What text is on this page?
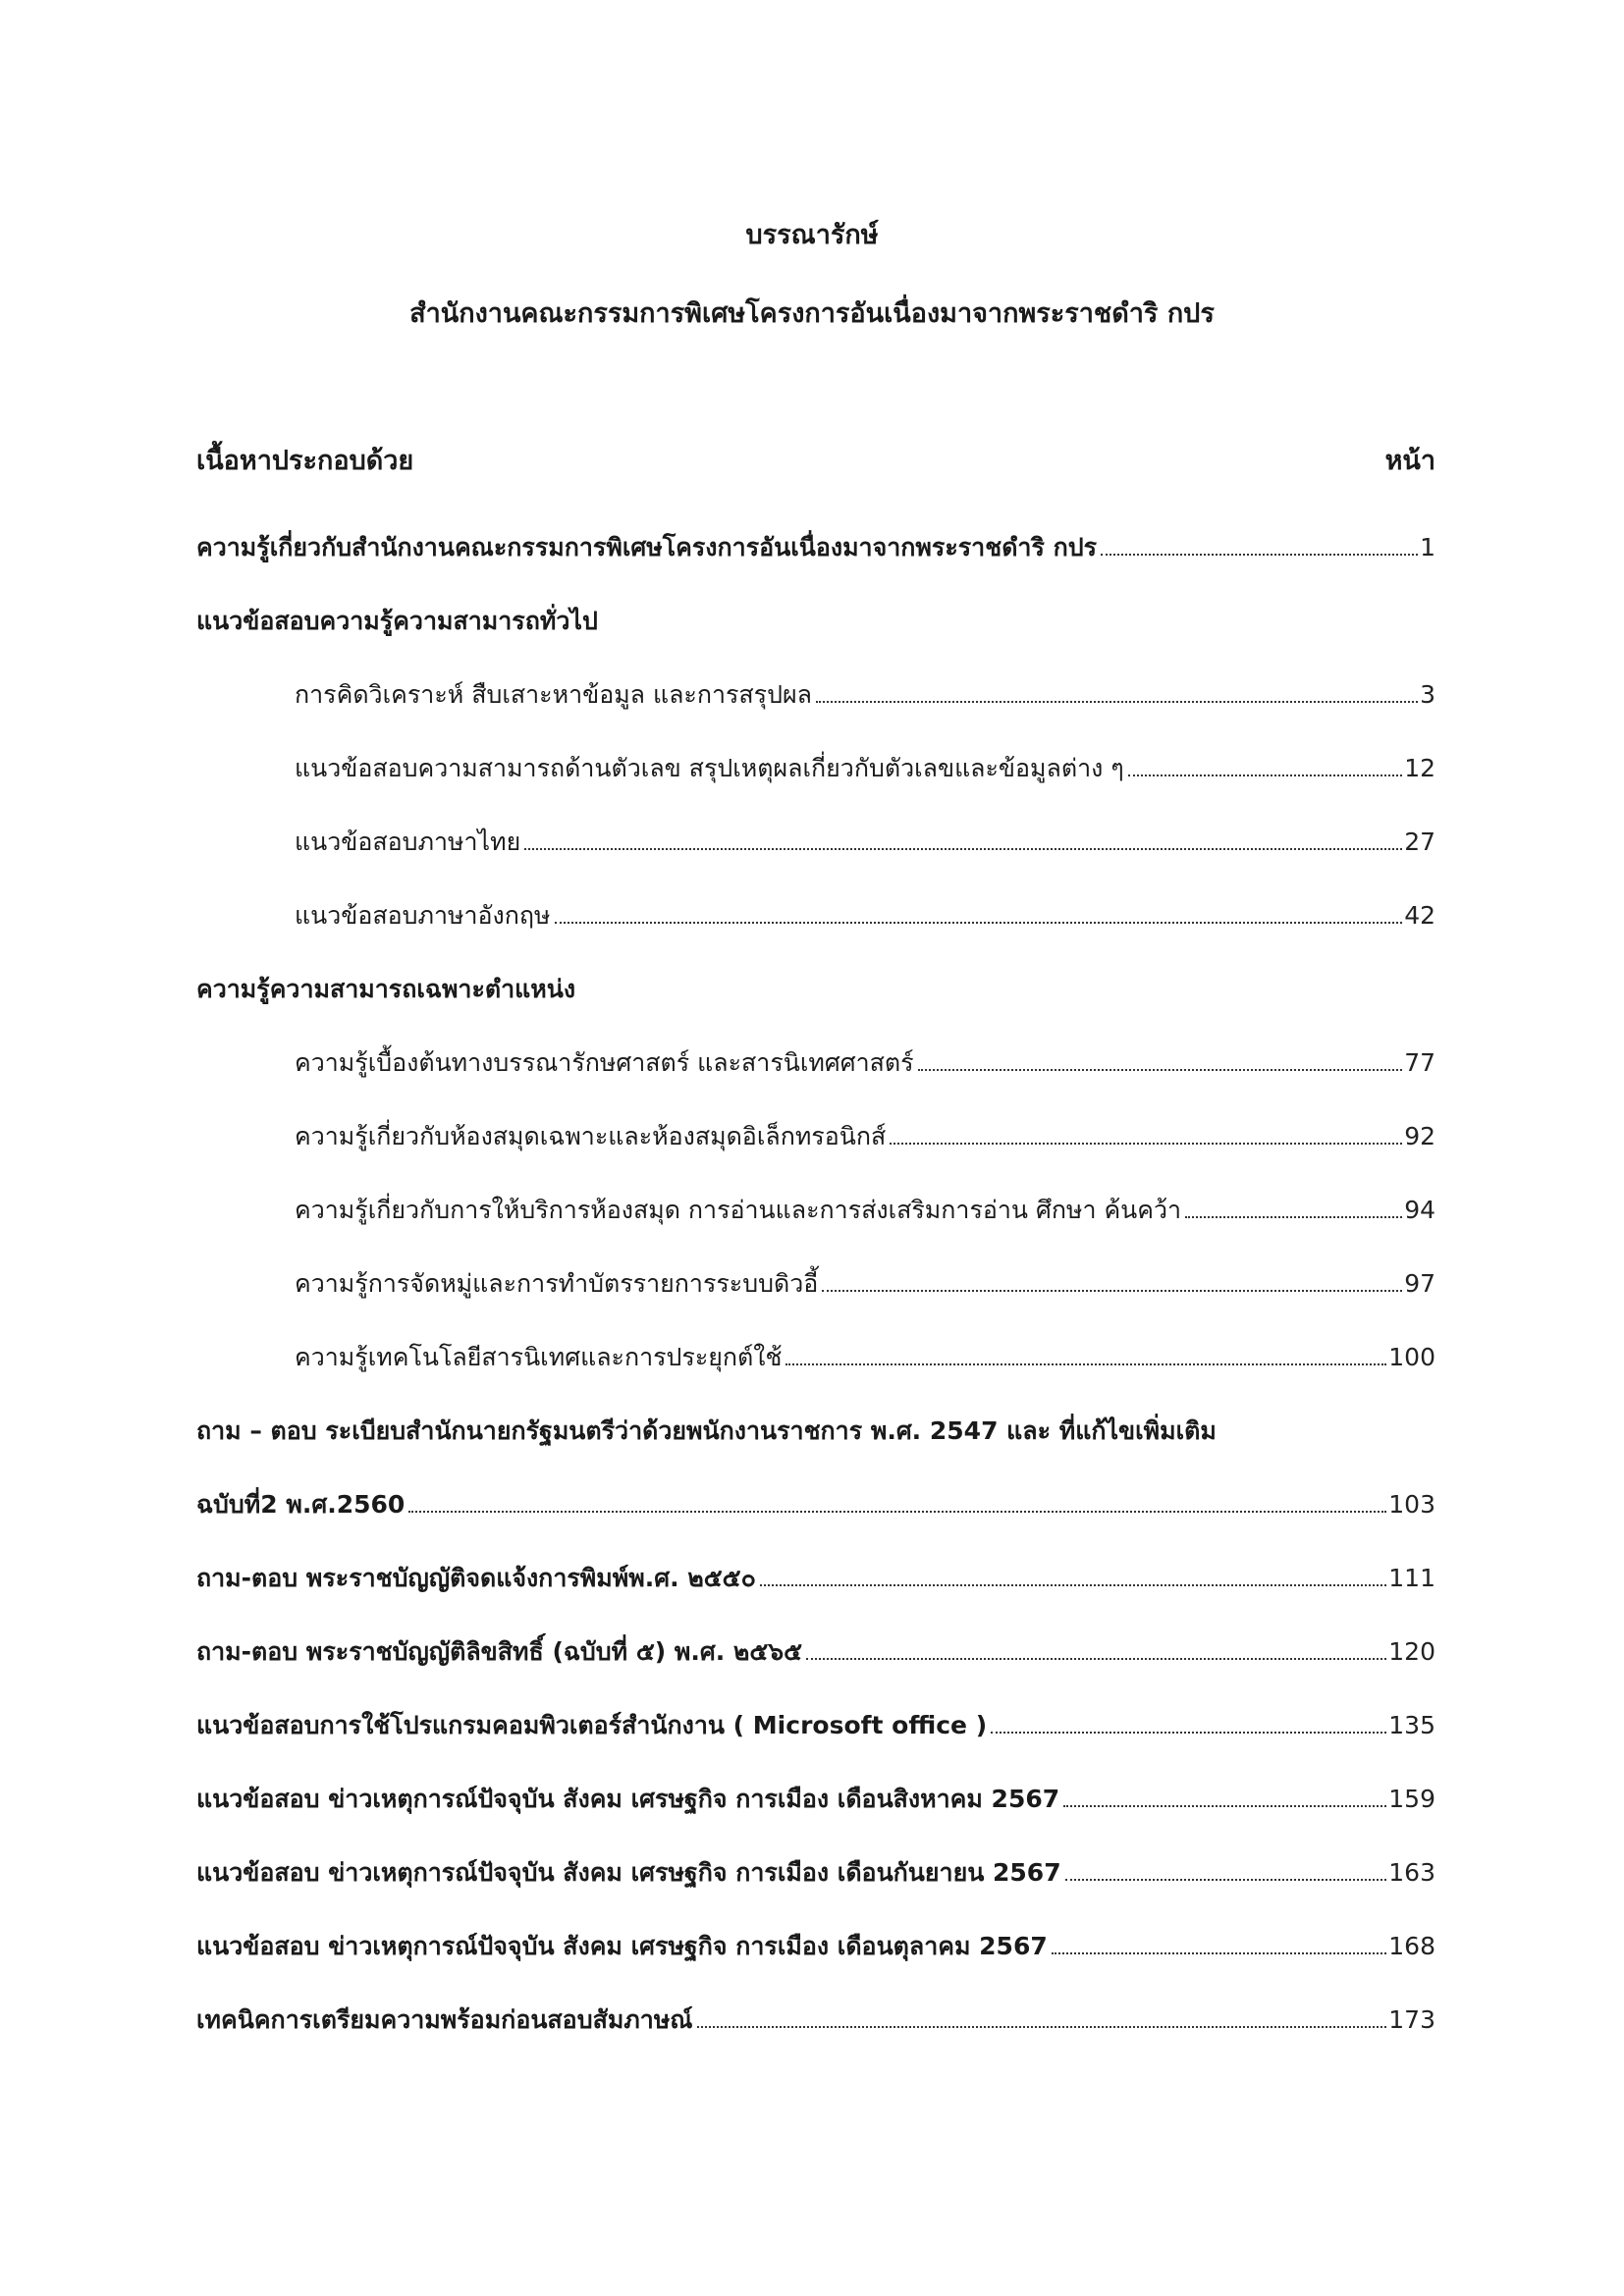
บรรณารักษ์
สำนักงานคณะกรรมการพิเศษโครงการอันเนื่องมาจากพระราชดำริ กปร
เนื้อหาประกอบด้วย	หน้า
ความรู้เกี่ยวกับสำนักงานคณะกรรมการพิเศษโครงการอันเนื่องมาจากพระราชดำริ กปร	1
แนวข้อสอบความรู้ความสามารถทั่วไป
การคิดวิเคราะห์ สืบเสาะหาข้อมูล และการสรุปผล	3
แนวข้อสอบความสามารถด้านตัวเลข สรุปเหตุผลเกี่ยวกับตัวเลขและข้อมูลต่าง ๆ	12
แนวข้อสอบภาษาไทย	27
แนวข้อสอบภาษาอังกฤษ	42
ความรู้ความสามารถเฉพาะตำแหน่ง
ความรู้เบื้องต้นทางบรรณารักษศาสตร์ และสารนิเทศศาสตร์	77
ความรู้เกี่ยวกับห้องสมุดเฉพาะและห้องสมุดอิเล็กทรอนิกส์	92
ความรู้เกี่ยวกับการให้บริการห้องสมุด การอ่านและการส่งเสริมการอ่าน ศึกษา ค้นคว้า	94
ความรู้การจัดหมู่และการทำบัตรรายการระบบดิวอี้	97
ความรู้เทคโนโลยีสารนิเทศและการประยุกต์ใช้	100
ถาม – ตอบ ระเบียบสำนักนายกรัฐมนตรีว่าด้วยพนักงานราชการ พ.ศ. 2547 และ ที่แก้ไขเพิ่มเติม
ฉบับที่2 พ.ศ.2560	103
ถาม-ตอบ พระราชบัญญัติจดแจ้งการพิมพ์พ.ศ. ๒๕๕๐	111
ถาม-ตอบ พระราชบัญญัติลิขสิทธิ์ (ฉบับที่ ๕) พ.ศ. ๒๕๖๕	120
แนวข้อสอบการใช้โปรแกรมคอมพิวเตอร์สำนักงาน ( Microsoft office )	135
แนวข้อสอบ ข่าวเหตุการณ์ปัจจุบัน สังคม เศรษฐกิจ การเมือง เดือนสิงหาคม 2567	159
แนวข้อสอบ ข่าวเหตุการณ์ปัจจุบัน สังคม เศรษฐกิจ การเมือง เดือนกันยายน 2567	163
แนวข้อสอบ ข่าวเหตุการณ์ปัจจุบัน สังคม เศรษฐกิจ การเมือง เดือนตุลาคม 2567	168
เทคนิคการเตรียมความพร้อมก่อนสอบสัมภาษณ์	173
